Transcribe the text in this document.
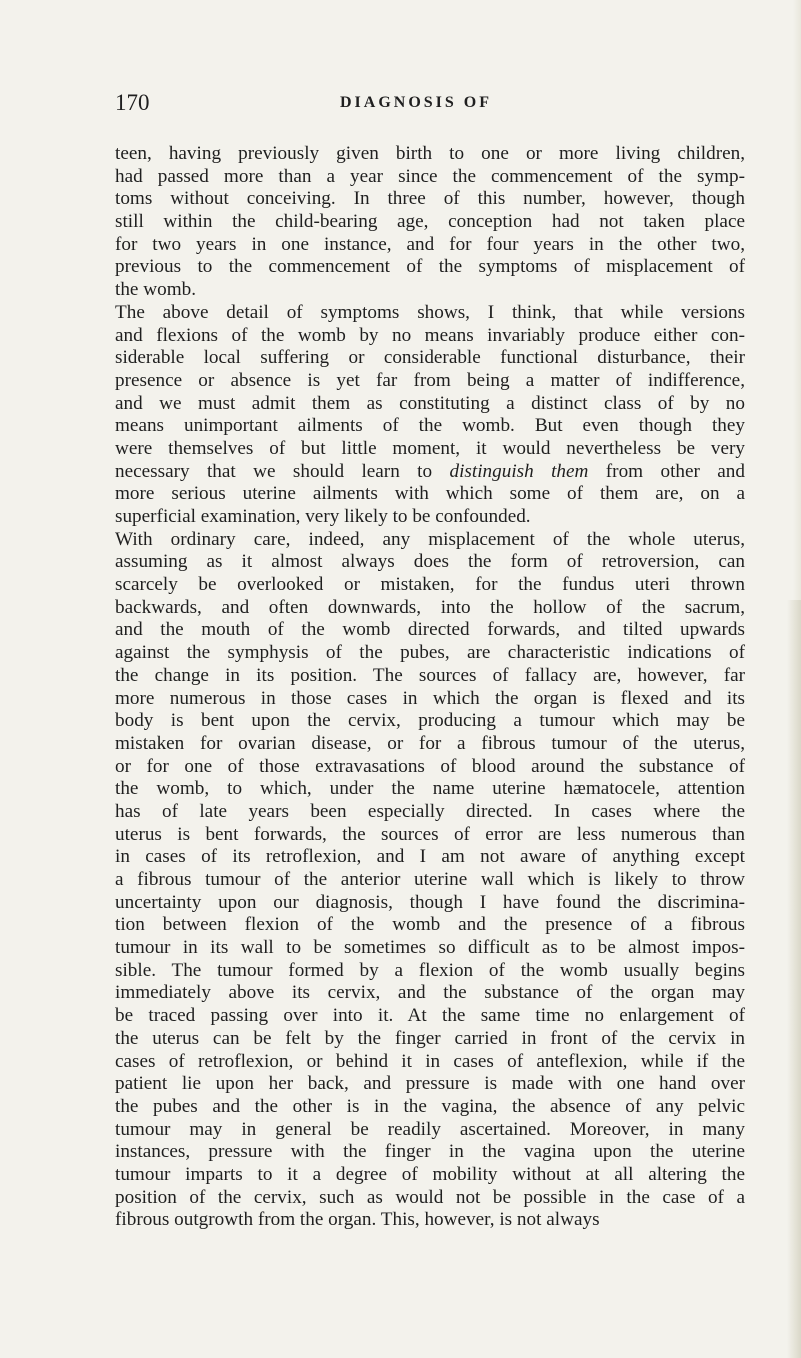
170	DIAGNOSIS OF
teen, having previously given birth to one or more living children,
had passed more than a year since the commencement of the symp-
toms without conceiving. In three of this number, however, though
still within the child-bearing age, conception had not taken place
for two years in one instance, and for four years in the other two,
previous to the commencement of the symptoms of misplacement of
the womb.
The above detail of symptoms shows, I think, that while versions
and flexions of the womb by no means invariably produce either con-
siderable local suffering or considerable functional disturbance, their
presence or absence is yet far from being a matter of indifference,
and we must admit them as constituting a distinct class of by no
means unimportant ailments of the womb. But even though they
were themselves of but little moment, it would nevertheless be very
necessary that we should learn to distinguish them from other and
more serious uterine ailments with which some of them are, on a
superficial examination, very likely to be confounded.
With ordinary care, indeed, any misplacement of the whole uterus,
assuming as it almost always does the form of retroversion, can
scarcely be overlooked or mistaken, for the fundus uteri thrown
backwards, and often downwards, into the hollow of the sacrum,
and the mouth of the womb directed forwards, and tilted upwards
against the symphysis of the pubes, are characteristic indications of
the change in its position. The sources of fallacy are, however, far
more numerous in those cases in which the organ is flexed and its
body is bent upon the cervix, producing a tumour which may be
mistaken for ovarian disease, or for a fibrous tumour of the uterus,
or for one of those extravasations of blood around the substance of
the womb, to which, under the name uterine hæmatocele, attention
has of late years been especially directed. In cases where the
uterus is bent forwards, the sources of error are less numerous than
in cases of its retroflexion, and I am not aware of anything except
a fibrous tumour of the anterior uterine wall which is likely to throw
uncertainty upon our diagnosis, though I have found the discrimina-
tion between flexion of the womb and the presence of a fibrous
tumour in its wall to be sometimes so difficult as to be almost impos-
sible. The tumour formed by a flexion of the womb usually begins
immediately above its cervix, and the substance of the organ may
be traced passing over into it. At the same time no enlargement of
the uterus can be felt by the finger carried in front of the cervix in
cases of retroflexion, or behind it in cases of anteflexion, while if the
patient lie upon her back, and pressure is made with one hand over
the pubes and the other is in the vagina, the absence of any pelvic
tumour may in general be readily ascertained. Moreover, in many
instances, pressure with the finger in the vagina upon the uterine
tumour imparts to it a degree of mobility without at all altering the
position of the cervix, such as would not be possible in the case of a
fibrous outgrowth from the organ. This, however, is not always
